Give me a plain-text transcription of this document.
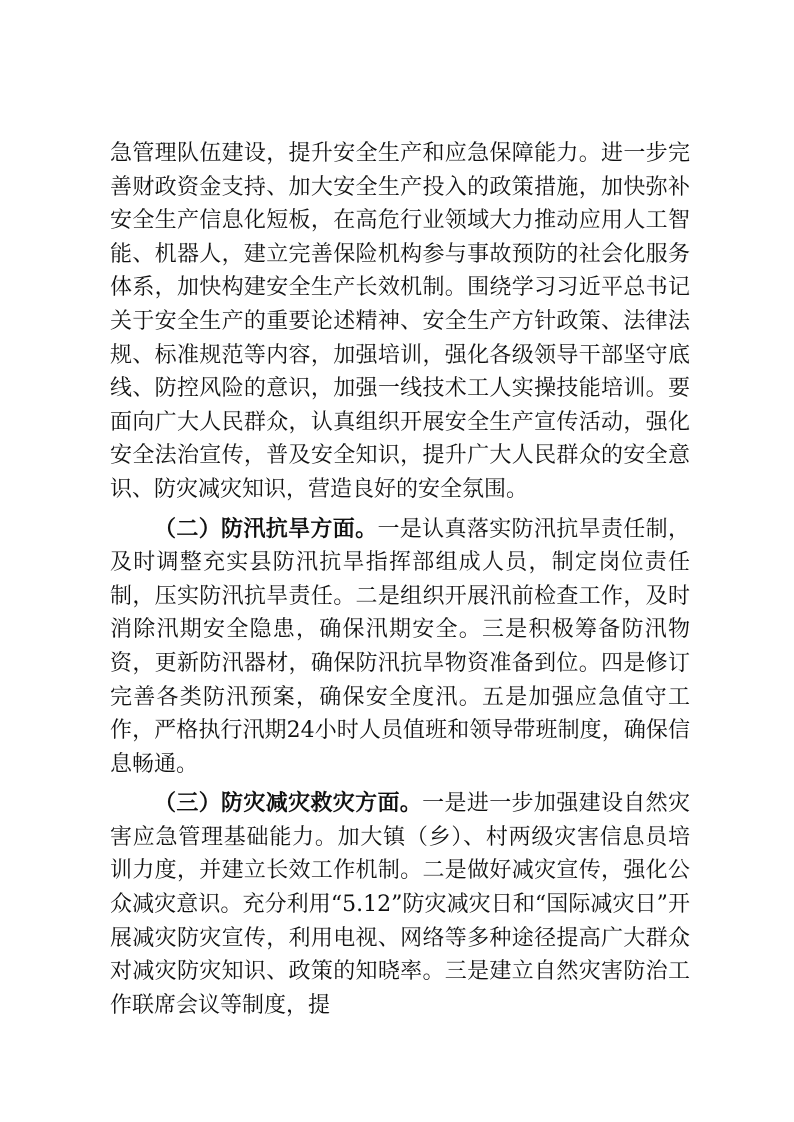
急管理队伍建设，提升安全生产和应急保障能力。进一步完善财政资金支持、加大安全生产投入的政策措施，加快弥补安全生产信息化短板，在高危行业领域大力推动应用人工智能、机器人，建立完善保险机构参与事故预防的社会化服务体系，加快构建安全生产长效机制。围绕学习习近平总书记关于安全生产的重要论述精神、安全生产方针政策、法律法规、标准规范等内容，加强培训，强化各级领导干部坚守底线、防控风险的意识，加强一线技术工人实操技能培训。要面向广大人民群众，认真组织开展安全生产宣传活动，强化安全法治宣传，普及安全知识，提升广大人民群众的安全意识、防灾减灾知识，营造良好的安全氛围。

（二）防汛抗旱方面。一是认真落实防汛抗旱责任制，及时调整充实县防汛抗旱指挥部组成人员，制定岗位责任制，压实防汛抗旱责任。二是组织开展汛前检查工作，及时消除汛期安全隐患，确保汛期安全。三是积极筹备防汛物资，更新防汛器材，确保防汛抗旱物资准备到位。四是修订完善各类防汛预案，确保安全度汛。五是加强应急值守工作，严格执行汛期24小时人员值班和领导带班制度，确保信息畅通。

（三）防灾减灾救灾方面。一是进一步加强建设自然灾害应急管理基础能力。加大镇（乡）、村两级灾害信息员培训力度，并建立长效工作机制。二是做好减灾宣传，强化公众减灾意识。充分利用“5.12”防灾减灾日和“国际减灾日”开展减灾防灾宣传，利用电视、网络等多种途径提高广大群众对减灾防灾知识、政策的知晓率。三是建立自然灾害防治工作联席会议等制度，提
